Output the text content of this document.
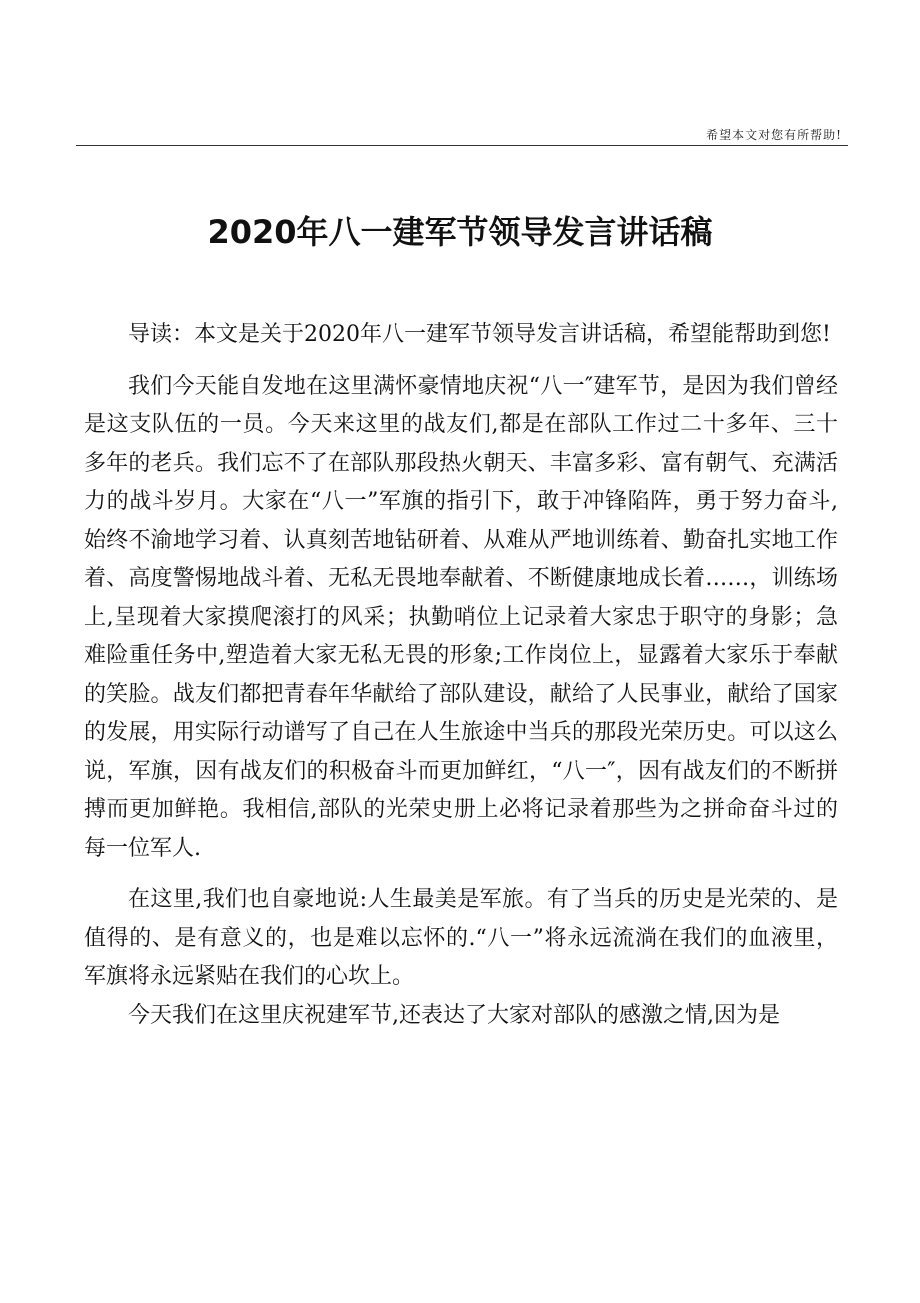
希望本文对您有所帮助!
2020年八一建军节领导发言讲话稿

导读：本文是关于2020年八一建军节领导发言讲话稿，希望能帮助到您!

我们今天能自发地在这里满怀豪情地庆祝“八一″建军节，是因为我们曾经是这支队伍的一员。今天来这里的战友们,都是在部队工作过二十多年、三十多年的老兵。我们忘不了在部队那段热火朝天、丰富多彩、富有朝气、充满活力的战斗岁月。大家在“八一”军旗的指引下，敢于冲锋陷阵，勇于努力奋斗,始终不渝地学习着、认真刻苦地钻研着、从难从严地训练着、勤奋扎实地工作着、高度警惕地战斗着、无私无畏地奉献着、不断健康地成长着……，训练场上,呈现着大家摸爬滚打的风采；执勤哨位上记录着大家忠于职守的身影；急难险重任务中,塑造着大家无私无畏的形象;工作岗位上，显露着大家乐于奉献的笑脸。战友们都把青春年华献给了部队建设，献给了人民事业，献给了国家的发展，用实际行动谱写了自己在人生旅途中当兵的那段光荣历史。可以这么说，军旗，因有战友们的积极奋斗而更加鲜红，“八一″，因有战友们的不断拼搏而更加鲜艳。我相信,部队的光荣史册上必将记录着那些为之拼命奋斗过的每一位军人.

在这里,我们也自豪地说:人生最美是军旅。有了当兵的历史是光荣的、是值得的、是有意义的，也是难以忘怀的.“八一”将永远流淌在我们的血液里，军旗将永远紧贴在我们的心坎上。

今天我们在这里庆祝建军节,还表达了大家对部队的感激之情,因为是
